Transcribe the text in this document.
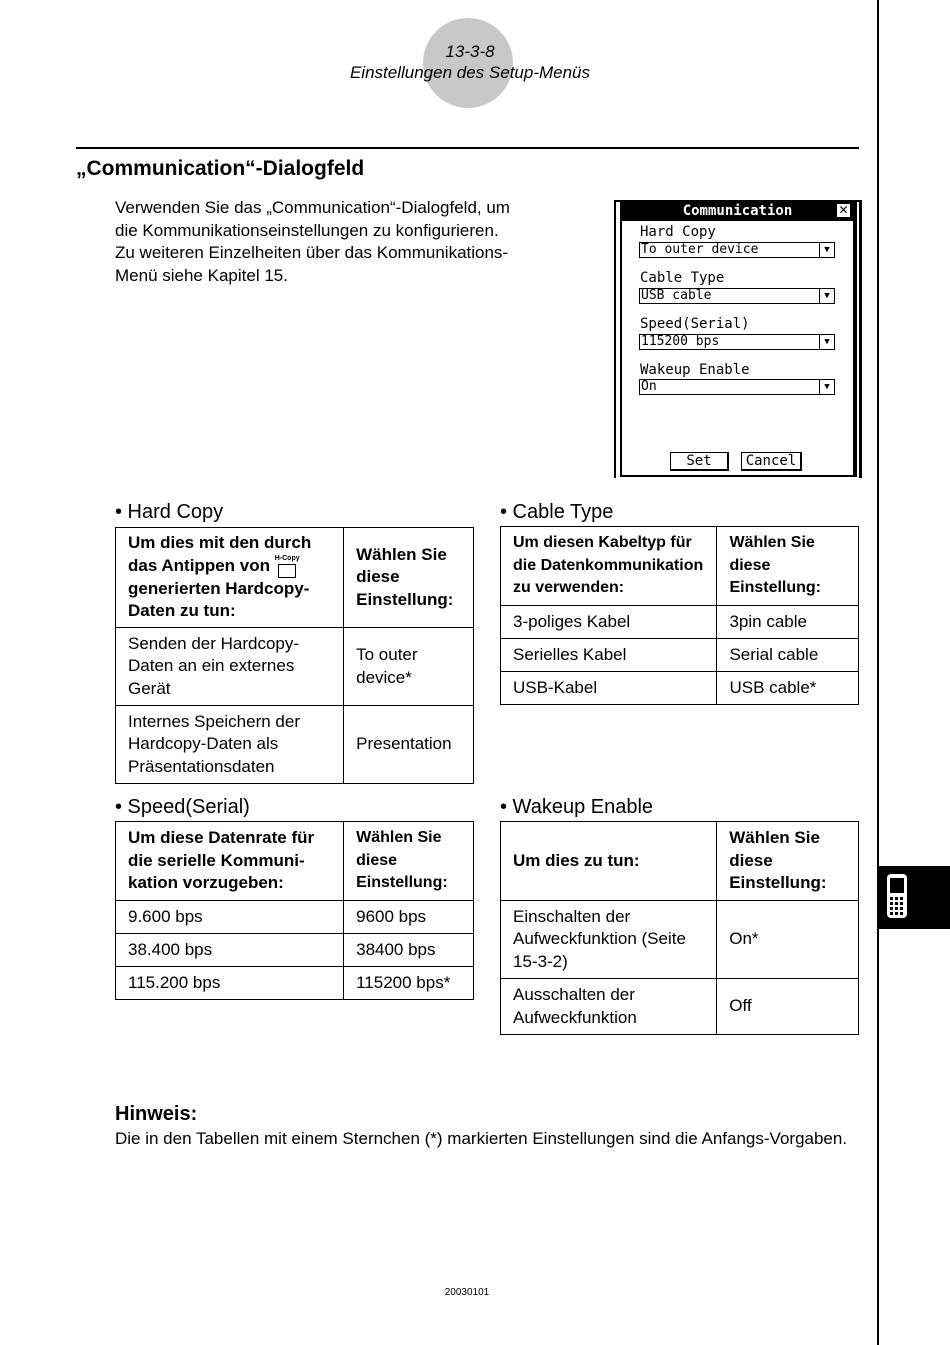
13-3-8
Einstellungen des Setup-Menüs
„Communication“-Dialogfeld
Verwenden Sie das „Communication“-Dialogfeld, um
die Kommunikationseinstellungen zu konfigurieren.
Zu weiteren Einzelheiten über das Kommunikations-
Menü siehe Kapitel 15.
Communication	✕
Hard Copy
To outer device	▼
Cable Type
USB cable	▼
Speed(Serial)
115200 bps	▼
Wakeup Enable
On	▼
Set	Cancel
• Hard Copy
Um dies mit den durch das Antippen von H-Copy
generierten Hardcopy-Daten zu tun:	Wählen Sie diese Einstellung:
Senden der Hardcopy-Daten an ein externes Gerät	To outer device*
Internes Speichern der Hardcopy-Daten als Präsentationsdaten	Presentation
• Cable Type
Um diesen Kabeltyp für die Datenkommunikation zu verwenden:	Wählen Sie diese Einstellung:
3-poliges Kabel	3pin cable
Serielles Kabel	Serial cable
USB-Kabel	USB cable*
• Speed(Serial)
Um diese Datenrate für die serielle Kommuni-kation vorzugeben:	Wählen Sie diese Einstellung:
9.600 bps	9600 bps
38.400 bps	38400 bps
115.200 bps	115200 bps*
• Wakeup Enable
Um dies zu tun:	Wählen Sie diese Einstellung:
Einschalten der Aufweckfunktion (Seite 15-3-2)	On*
Ausschalten der Aufweckfunktion	Off
Hinweis:
Die in den Tabellen mit einem Sternchen (*) markierten Einstellungen sind die Anfangs-Vorgaben.
20030101
